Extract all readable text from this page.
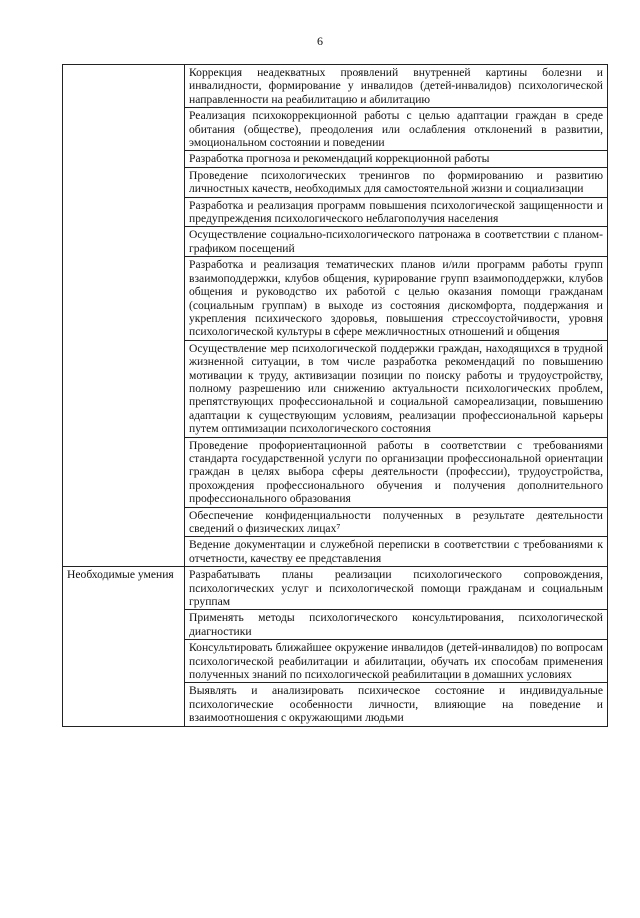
6
	Коррекция неадекватных проявлений внутренней картины болезни и инвалидности, формирование у инвалидов (детей-инвалидов) психологической направленности на реабилитацию и абилитацию
	Реализация психокоррекционной работы с целью адаптации граждан в среде обитания (обществе), преодоления или ослабления отклонений в развитии, эмоциональном состоянии и поведении
	Разработка прогноза и рекомендаций коррекционной работы
	Проведение психологических тренингов по формированию и развитию личностных качеств, необходимых для самостоятельной жизни и социализации
	Разработка и реализация программ повышения психологической защищенности и предупреждения психологического неблагополучия населения
	Осуществление социально-психологического патронажа в соответствии с планом-графиком посещений
	Разработка и реализация тематических планов и/или программ работы групп взаимоподдержки, клубов общения, курирование групп взаимоподдержки, клубов общения и руководство их работой с целью оказания помощи гражданам (социальным группам) в выходе из состояния дискомфорта, поддержания и укрепления психического здоровья, повышения стрессоустойчивости, уровня психологической культуры в сфере межличностных отношений и общения
	Осуществление мер психологической поддержки граждан, находящихся в трудной жизненной ситуации, в том числе разработка рекомендаций по повышению мотивации к труду, активизации позиции по поиску работы и трудоустройству, полному разрешению или снижению актуальности психологических проблем, препятствующих профессиональной и социальной самореализации, повышению адаптации к существующим условиям, реализации профессиональной карьеры путем оптимизации психологического состояния
	Проведение профориентационной работы в соответствии с требованиями стандарта государственной услуги по организации профессиональной ориентации граждан в целях выбора сферы деятельности (профессии), трудоустройства, прохождения профессионального обучения и получения дополнительного профессионального образования
	Обеспечение конфиденциальности полученных в результате деятельности сведений о физических лицах⁷
	Ведение документации и служебной переписки в соответствии с требованиями к отчетности, качеству ее представления
Необходимые умения	Разрабатывать планы реализации психологического сопровождения, психологических услуг и психологической помощи гражданам и социальным группам
	Применять методы психологического консультирования, психологической диагностики
	Консультировать ближайшее окружение инвалидов (детей-инвалидов) по вопросам психологической реабилитации и абилитации, обучать их способам применения полученных знаний по психологической реабилитации в домашних условиях
	Выявлять и анализировать психическое состояние и индивидуальные психологические особенности личности, влияющие на поведение и взаимоотношения с окружающими людьми
